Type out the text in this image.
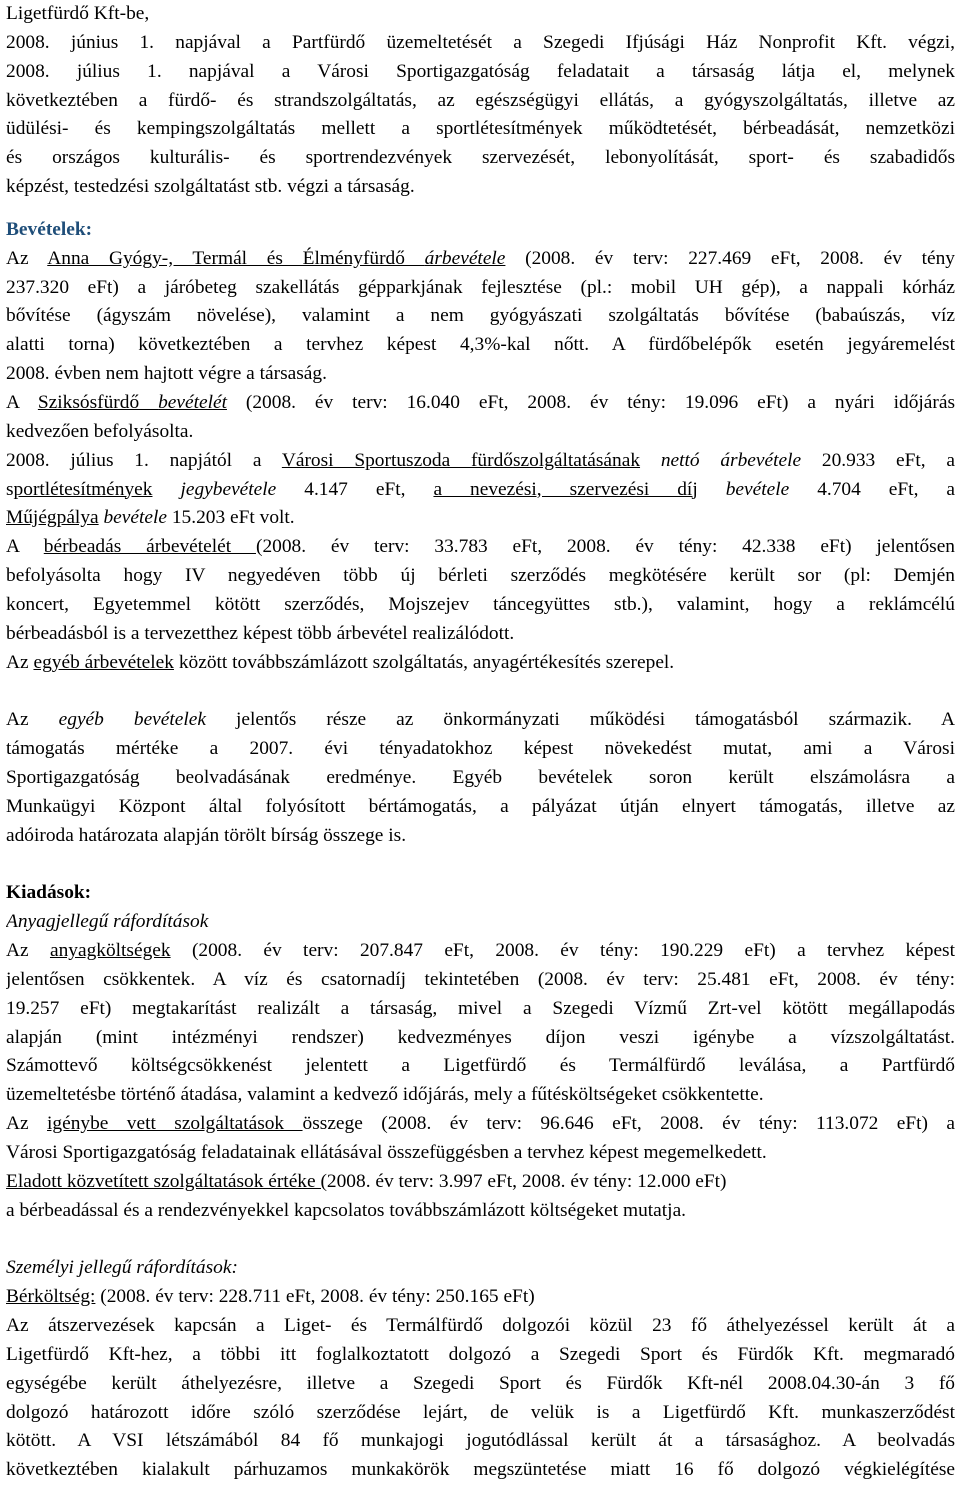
Ligetfürdő Kft-be,
2008. június 1. napjával a Partfürdő üzemeltetését a Szegedi Ifjúsági Ház Nonprofit Kft. végzi,
2008. július 1. napjával a Városi Sportigazgatóság feladatait a társaság látja el, melynek
következtében a fürdő- és strandszolgáltatás, az egészségügyi ellátás, a gyógyszolgáltatás, illetve az
üdülési- és kempingszolgáltatás mellett a sportlétesítmények működtetését, bérbeadását, nemzetközi
és országos kulturális- és sportrendezvények szervezését, lebonyolítását, sport- és szabadidős
képzést, testedzési szolgáltatást stb. végzi a társaság.
Bevételek:
Az Anna Gyógy-, Termál és Élményfürdő árbevétele (2008. év terv: 227.469 eFt, 2008. év tény
237.320 eFt) a járóbeteg szakellátás gépparkjának fejlesztése (pl.: mobil UH gép), a nappali kórház
bővítése (ágyszám növelése), valamint a nem gyógyászati szolgáltatás bővítése (babaúszás, víz
alatti torna) következtében a tervhez képest 4,3%-kal nőtt. A fürdőbelépők esetén jegyáremelést
2008. évben nem hajtott végre a társaság.
A Sziksósfürdő bevételét (2008. év terv: 16.040 eFt, 2008. év tény: 19.096 eFt) a nyári időjárás
kedvezően befolyásolta.
2008. július 1. napjától a Városi Sportuszoda fürdőszolgáltatásának nettó árbevétele 20.933 eFt, a
sportlétesítmények jegybevétele 4.147 eFt, a nevezési, szervezési díj bevétele 4.704 eFt, a
Műjégpálya bevétele 15.203 eFt volt.
A bérbeadás árbevételét (2008. év terv: 33.783 eFt, 2008. év tény: 42.338 eFt) jelentősen
befolyásolta hogy IV negyedéven több új bérleti szerződés megkötésére került sor (pl: Demjén
koncert, Egyetemmel kötött szerződés, Mojszejev táncegyüttes stb.), valamint, hogy a reklámcélú
bérbeadásból is a tervezetthez képest több árbevétel realizálódott.
Az egyéb árbevételek között továbbszámlázott szolgáltatás, anyagértékesítés szerepel.
Az egyéb bevételek jelentős része az önkormányzati működési támogatásból származik. A
támogatás mértéke a 2007. évi tényadatokhoz képest növekedést mutat, ami a Városi
Sportigazgatóság beolvadásának eredménye. Egyéb bevételek soron került elszámolásra a
Munkaügyi Központ által folyósított bértámogatás, a pályázat útján elnyert támogatás, illetve az
adóiroda határozata alapján törölt bírság összege is.
Kiadások:
Anyagjellegű ráfordítások
Az anyagköltségek (2008. év terv: 207.847 eFt, 2008. év tény: 190.229 eFt) a tervhez képest
jelentősen csökkentek. A víz és csatornadíj tekintetében (2008. év terv: 25.481 eFt, 2008. év tény:
19.257 eFt) megtakarítást realizált a társaság, mivel a Szegedi Vízmű Zrt-vel kötött megállapodás
alapján (mint intézményi rendszer) kedvezményes díjon veszi igénybe a vízszolgáltatást.
Számottevő költségcsökkenést jelentett a Ligetfürdő és Termálfürdő leválása, a Partfürdő
üzemeltetésbe történő átadása, valamint a kedvező időjárás, mely a fűtésköltségeket csökkentette.
Az igénybe vett szolgáltatások összege (2008. év terv: 96.646 eFt, 2008. év tény: 113.072 eFt) a
Városi Sportigazgatóság feladatainak ellátásával összefüggésben a tervhez képest megemelkedett.
Eladott közvetített szolgáltatások értéke (2008. év terv: 3.997 eFt, 2008. év tény: 12.000 eFt)
a bérbeadással és a rendezvényekkel kapcsolatos továbbszámlázott költségeket mutatja.
Személyi jellegű ráfordítások:
Bérköltség: (2008. év terv: 228.711 eFt, 2008. év tény: 250.165 eFt)
Az átszervezések kapcsán a Liget- és Termálfürdő dolgozói közül 23 fő áthelyezéssel került át a
Ligetfürdő Kft-hez, a többi itt foglalkoztatott dolgozó a Szegedi Sport és Fürdők Kft. megmaradó
egységébe került áthelyezésre, illetve a Szegedi Sport és Fürdők Kft-nél 2008.04.30-án 3 fő
dolgozó határozott időre szóló szerződése lejárt, de velük is a Ligetfürdő Kft. munkaszerződést
kötött. A VSI létszámából 84 fő munkajogi jogutódlással került át a társasághoz. A beolvadás
következtében kialakult párhuzamos munkakörök megszüntetése miatt 16 fő dolgozó végkielégítése
